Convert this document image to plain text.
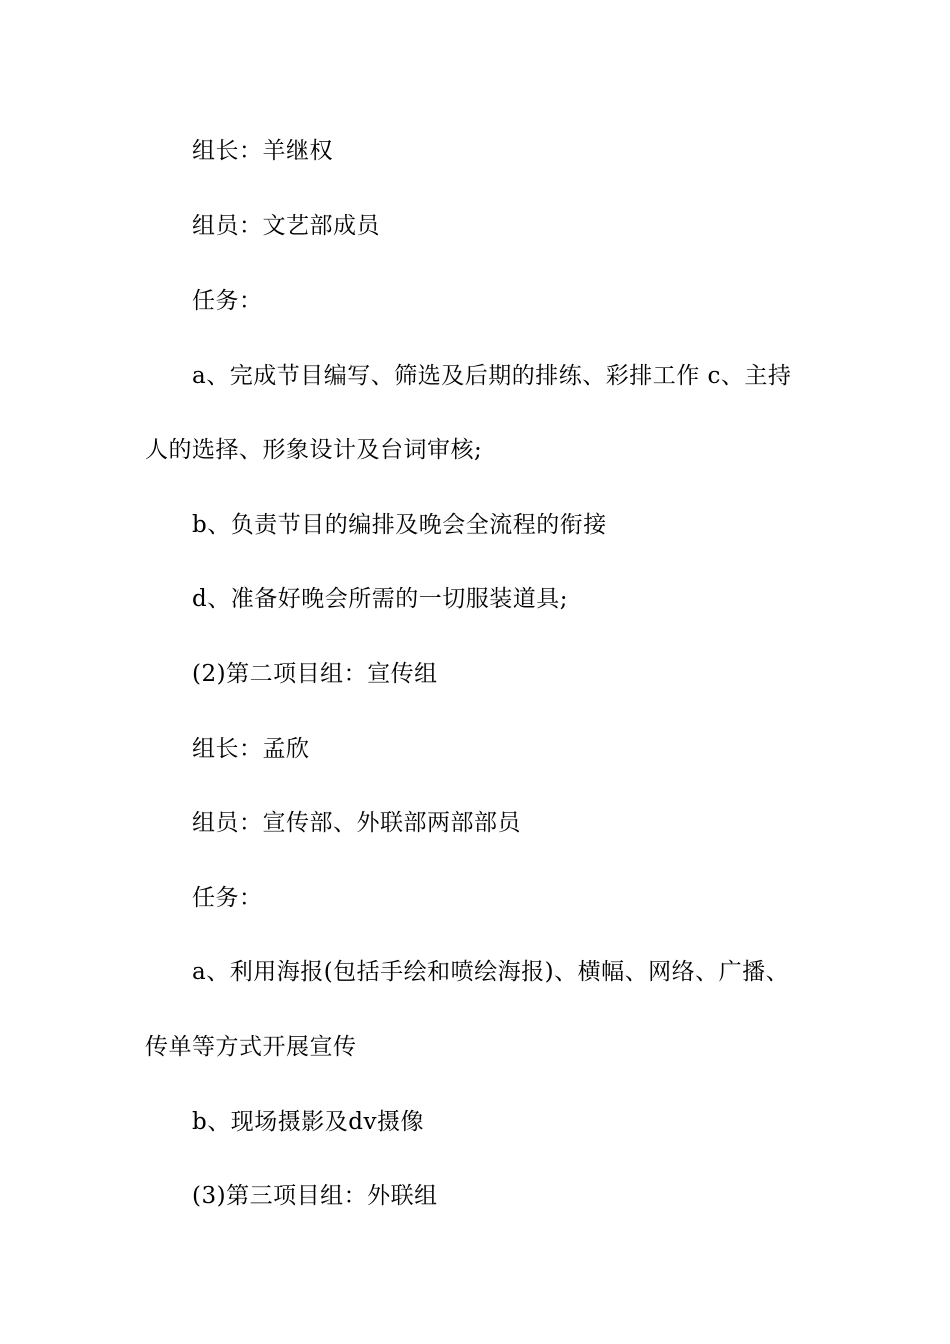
组长：羊继权
组员：文艺部成员
任务：
a、完成节目编写、筛选及后期的排练、彩排工作 c、主持
人的选择、形象设计及台词审核;
b、负责节目的编排及晚会全流程的衔接
d、准备好晚会所需的一切服装道具;
(2)第二项目组：宣传组
组长：孟欣
组员：宣传部、外联部两部部员
任务：
a、利用海报(包括手绘和喷绘海报)、横幅、网络、广播、
传单等方式开展宣传
b、现场摄影及dv摄像
(3)第三项目组：外联组
